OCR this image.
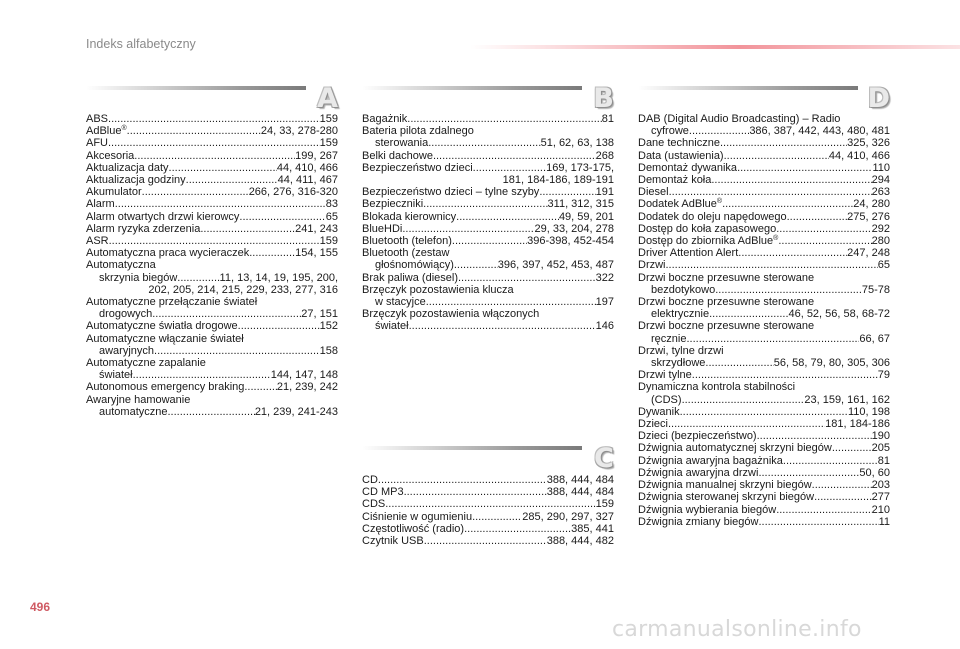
Indeks alfabetyczny
A
ABS .....	159
AdBlue® .....	24, 33, 278-280
AFU .....	159
Akcesoria .....	199, 267
Aktualizacja daty .....	44, 410, 466
Aktualizacja godziny .....	44, 411, 467
Akumulator .....	266, 276, 316-320
Alarm .....	83
Alarm otwartych drzwi kierowcy .....	65
Alarm ryzyka zderzenia .....	241, 243
ASR .....	159
Automatyczna praca wycieraczek .....	154, 155
Automatyczna
skrzynia biegów .....	11, 13, 14, 19, 195, 200,
202, 205, 214, 215, 229, 233, 277, 316
Automatyczne przełączanie świateł
drogowych .....	27, 151
Automatyczne światła drogowe .....	152
Automatyczne włączanie świateł
awaryjnych .....	158
Automatyczne zapalanie
świateł .....	144, 147, 148
Autonomous emergency braking .....	21, 239, 242
Awaryjne hamowanie
automatyczne .....	21, 239, 241-243
B
Bagażnik .....	81
Bateria pilota zdalnego
sterowania .....	51, 62, 63, 138
Belki dachowe .....	268
Bezpieczeństwo dzieci .....	169, 173-175,
181, 184-186, 189-191
Bezpieczeństwo dzieci – tylne szyby .....	191
Bezpieczniki .....	311, 312, 315
Blokada kierownicy .....	49, 59, 201
BlueHDi .....	29, 33, 204, 278
Bluetooth (telefon) .....	396-398, 452-454
Bluetooth (zestaw
głośnomówiący) .....	396, 397, 452, 453, 487
Brak paliwa (diesel) .....	322
Brzęczyk pozostawienia klucza
w stacyjce .....	197
Brzęczyk pozostawienia włączonych
świateł .....	146
C
CD .....	388, 444, 484
CD MP3 .....	388, 444, 484
CDS .....	159
Ciśnienie w ogumieniu .....	285, 290, 297, 327
Częstotliwość (radio) .....	385, 441
Czytnik USB .....	388, 444, 482
D
DAB (Digital Audio Broadcasting) – Radio
cyfrowe .....	386, 387, 442, 443, 480, 481
Dane techniczne .....	325, 326
Data (ustawienia) .....	44, 410, 466
Demontaż dywanika .....	110
Demontaż koła .....	294
Diesel .....	263
Dodatek AdBlue® .....	24, 280
Dodatek do oleju napędowego .....	275, 276
Dostęp do koła zapasowego .....	292
Dostęp do zbiornika AdBlue® .....	280
Driver Attention Alert .....	247, 248
Drzwi .....	65
Drzwi boczne przesuwne sterowane
bezdotykowo .....	75-78
Drzwi boczne przesuwne sterowane
elektrycznie .....	46, 52, 56, 58, 68-72
Drzwi boczne przesuwne sterowane
ręcznie .....	66, 67
Drzwi, tylne drzwi
skrzydłowe .....	56, 58, 79, 80, 305, 306
Drzwi tylne .....	79
Dynamiczna kontrola stabilności
(CDS) .....	23, 159, 161, 162
Dywanik .....	110, 198
Dzieci .....	181, 184-186
Dzieci (bezpieczeństwo) .....	190
Dźwignia automatycznej skrzyni biegów .....	205
Dźwignia awaryjna bagażnika .....	81
Dźwignia awaryjna drzwi .....	50, 60
Dźwignia manualnej skrzyni biegów .....	203
Dźwignia sterowanej skrzyni biegów .....	277
Dźwignia wybierania biegów .....	210
Dźwignia zmiany biegów .....	11
496
carmanualsonline.info
